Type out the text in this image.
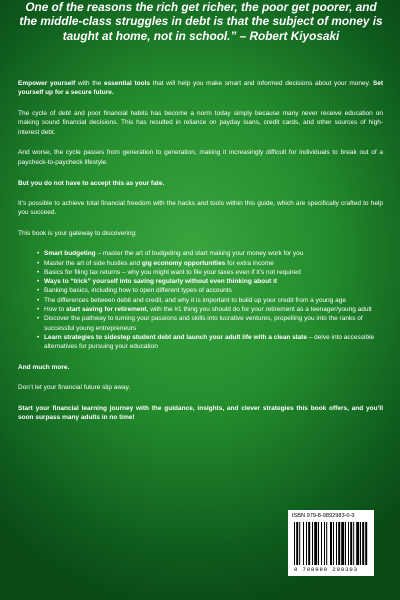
One of the reasons the rich get richer, the poor get poorer, and the middle-class struggles in debt is that the subject of money is taught at home, not in school.” – Robert Kiyosaki

Empower yourself with the essential tools that will help you make smart and informed decisions about your money. Set yourself up for a secure future.

The cycle of debt and poor financial habits has become a norm today simply because many never receive education on making sound financial decisions. This has resulted in reliance on payday loans, credit cards, and other sources of high-interest debt.

And worse, the cycle passes from generation to generation, making it increasingly difficult for individuals to break out of a paycheck-to-paycheck lifestyle.

But you do not have to accept this as your fate.

It’s possible to achieve total financial freedom with the hacks and tools within this guide, which are specifically crafted to help you succeed.

This book is your gateway to discovering:

• Smart budgeting – master the art of budgeting and start making your money work for you
• Master the art of side hustles and gig economy opportunities for extra income
• Basics for filing tax returns – why you might want to file your taxes even if it’s not required
• Ways to “trick” yourself into saving regularly without even thinking about it
• Banking basics, including how to open different types of accounts
• The differences between debit and credit, and why it is important to build up your credit from a young age
• How to start saving for retirement, with the #1 thing you should do for your retirement as a teenager/young adult
• Discover the pathway to turning your passions and skills into lucrative ventures, propelling you into the ranks of successful young entrepreneurs
• Learn strategies to sidestep student debt and launch your adult life with a clean slate – delve into accessible alternatives for pursuing your education

And much more.

Don’t let your financial future slip away.

Start your financial learning journey with the guidance, insights, and clever strategies this book offers, and you’ll soon surpass many adults in no time!

ISBN 979-8-9892983-0-3
9 798989 298303
